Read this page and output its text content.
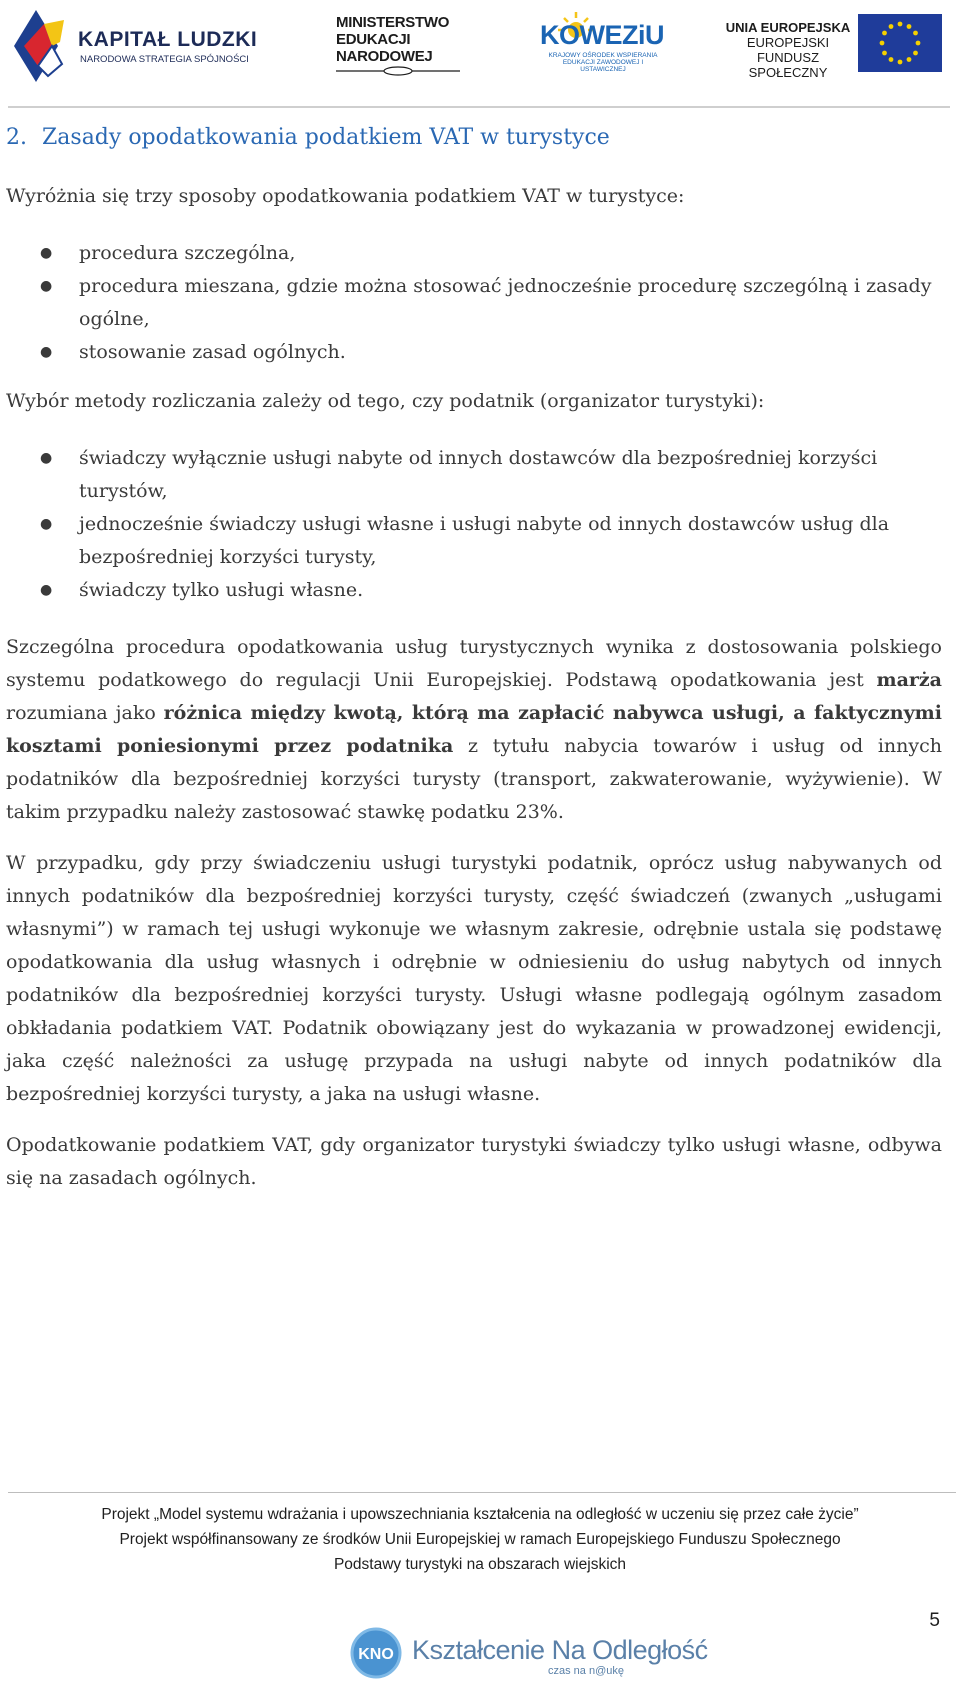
KAPITAŁ LUDZKI
NARODOWA STRATEGIA SPÓJNOŚCI
MINISTERSTWO
EDUKACJI
NARODOWEJ
KOWEZiU
KRAJOWY OŚRODEK WSPIERANIA EDUKACJI ZAWODOWEJ I USTAWICZNEJ
UNIA EUROPEJSKA
EUROPEJSKI
FUNDUSZ SPOŁECZNY
2. Zasady opodatkowania podatkiem VAT w turystyce

Wyróżnia się trzy sposoby opodatkowania podatkiem VAT w turystyce:

● procedura szczególna,
● procedura mieszana, gdzie można stosować jednocześnie procedurę szczególną i zasady ogólne,
● stosowanie zasad ogólnych.

Wybór metody rozliczania zależy od tego, czy podatnik (organizator turystyki):

● świadczy wyłącznie usługi nabyte od innych dostawców dla bezpośredniej korzyści turystów,
● jednocześnie świadczy usługi własne i usługi nabyte od innych dostawców usług dla bezpośredniej korzyści turysty,
● świadczy tylko usługi własne.

Szczególna procedura opodatkowania usług turystycznych wynika z dostosowania polskiego systemu podatkowego do regulacji Unii Europejskiej. Podstawą opodatkowania jest marża rozumiana jako różnica między kwotą, którą ma zapłacić nabywca usługi, a faktycznymi kosztami poniesionymi przez podatnika z tytułu nabycia towarów i usług od innych podatników dla bezpośredniej korzyści turysty (transport, zakwaterowanie, wyżywienie). W takim przypadku należy zastosować stawkę podatku 23%.

W przypadku, gdy przy świadczeniu usługi turystyki podatnik, oprócz usług nabywanych od innych podatników dla bezpośredniej korzyści turysty, część świadczeń (zwanych „usługami własnymi”) w ramach tej usługi wykonuje we własnym zakresie, odrębnie ustala się podstawę opodatkowania dla usług własnych i odrębnie w odniesieniu do usług nabytych od innych podatników dla bezpośredniej korzyści turysty. Usługi własne podlegają ogólnym zasadom obkładania podatkiem VAT. Podatnik obowiązany jest do wykazania w prowadzonej ewidencji, jaka część należności za usługę przypada na usługi nabyte od innych podatników dla bezpośredniej korzyści turysty, a jaka na usługi własne.

Opodatkowanie podatkiem VAT, gdy organizator turystyki świadczy tylko usługi własne, odbywa się na zasadach ogólnych.

Projekt „Model systemu wdrażania i upowszechniania kształcenia na odległość w uczeniu się przez całe życie”
Projekt współfinansowany ze środków Unii Europejskiej w ramach Europejskiego Funduszu Społecznego
Podstawy turystyki na obszarach wiejskich
5
KNO Kształcenie Na Odległość
czas na n@ukę
